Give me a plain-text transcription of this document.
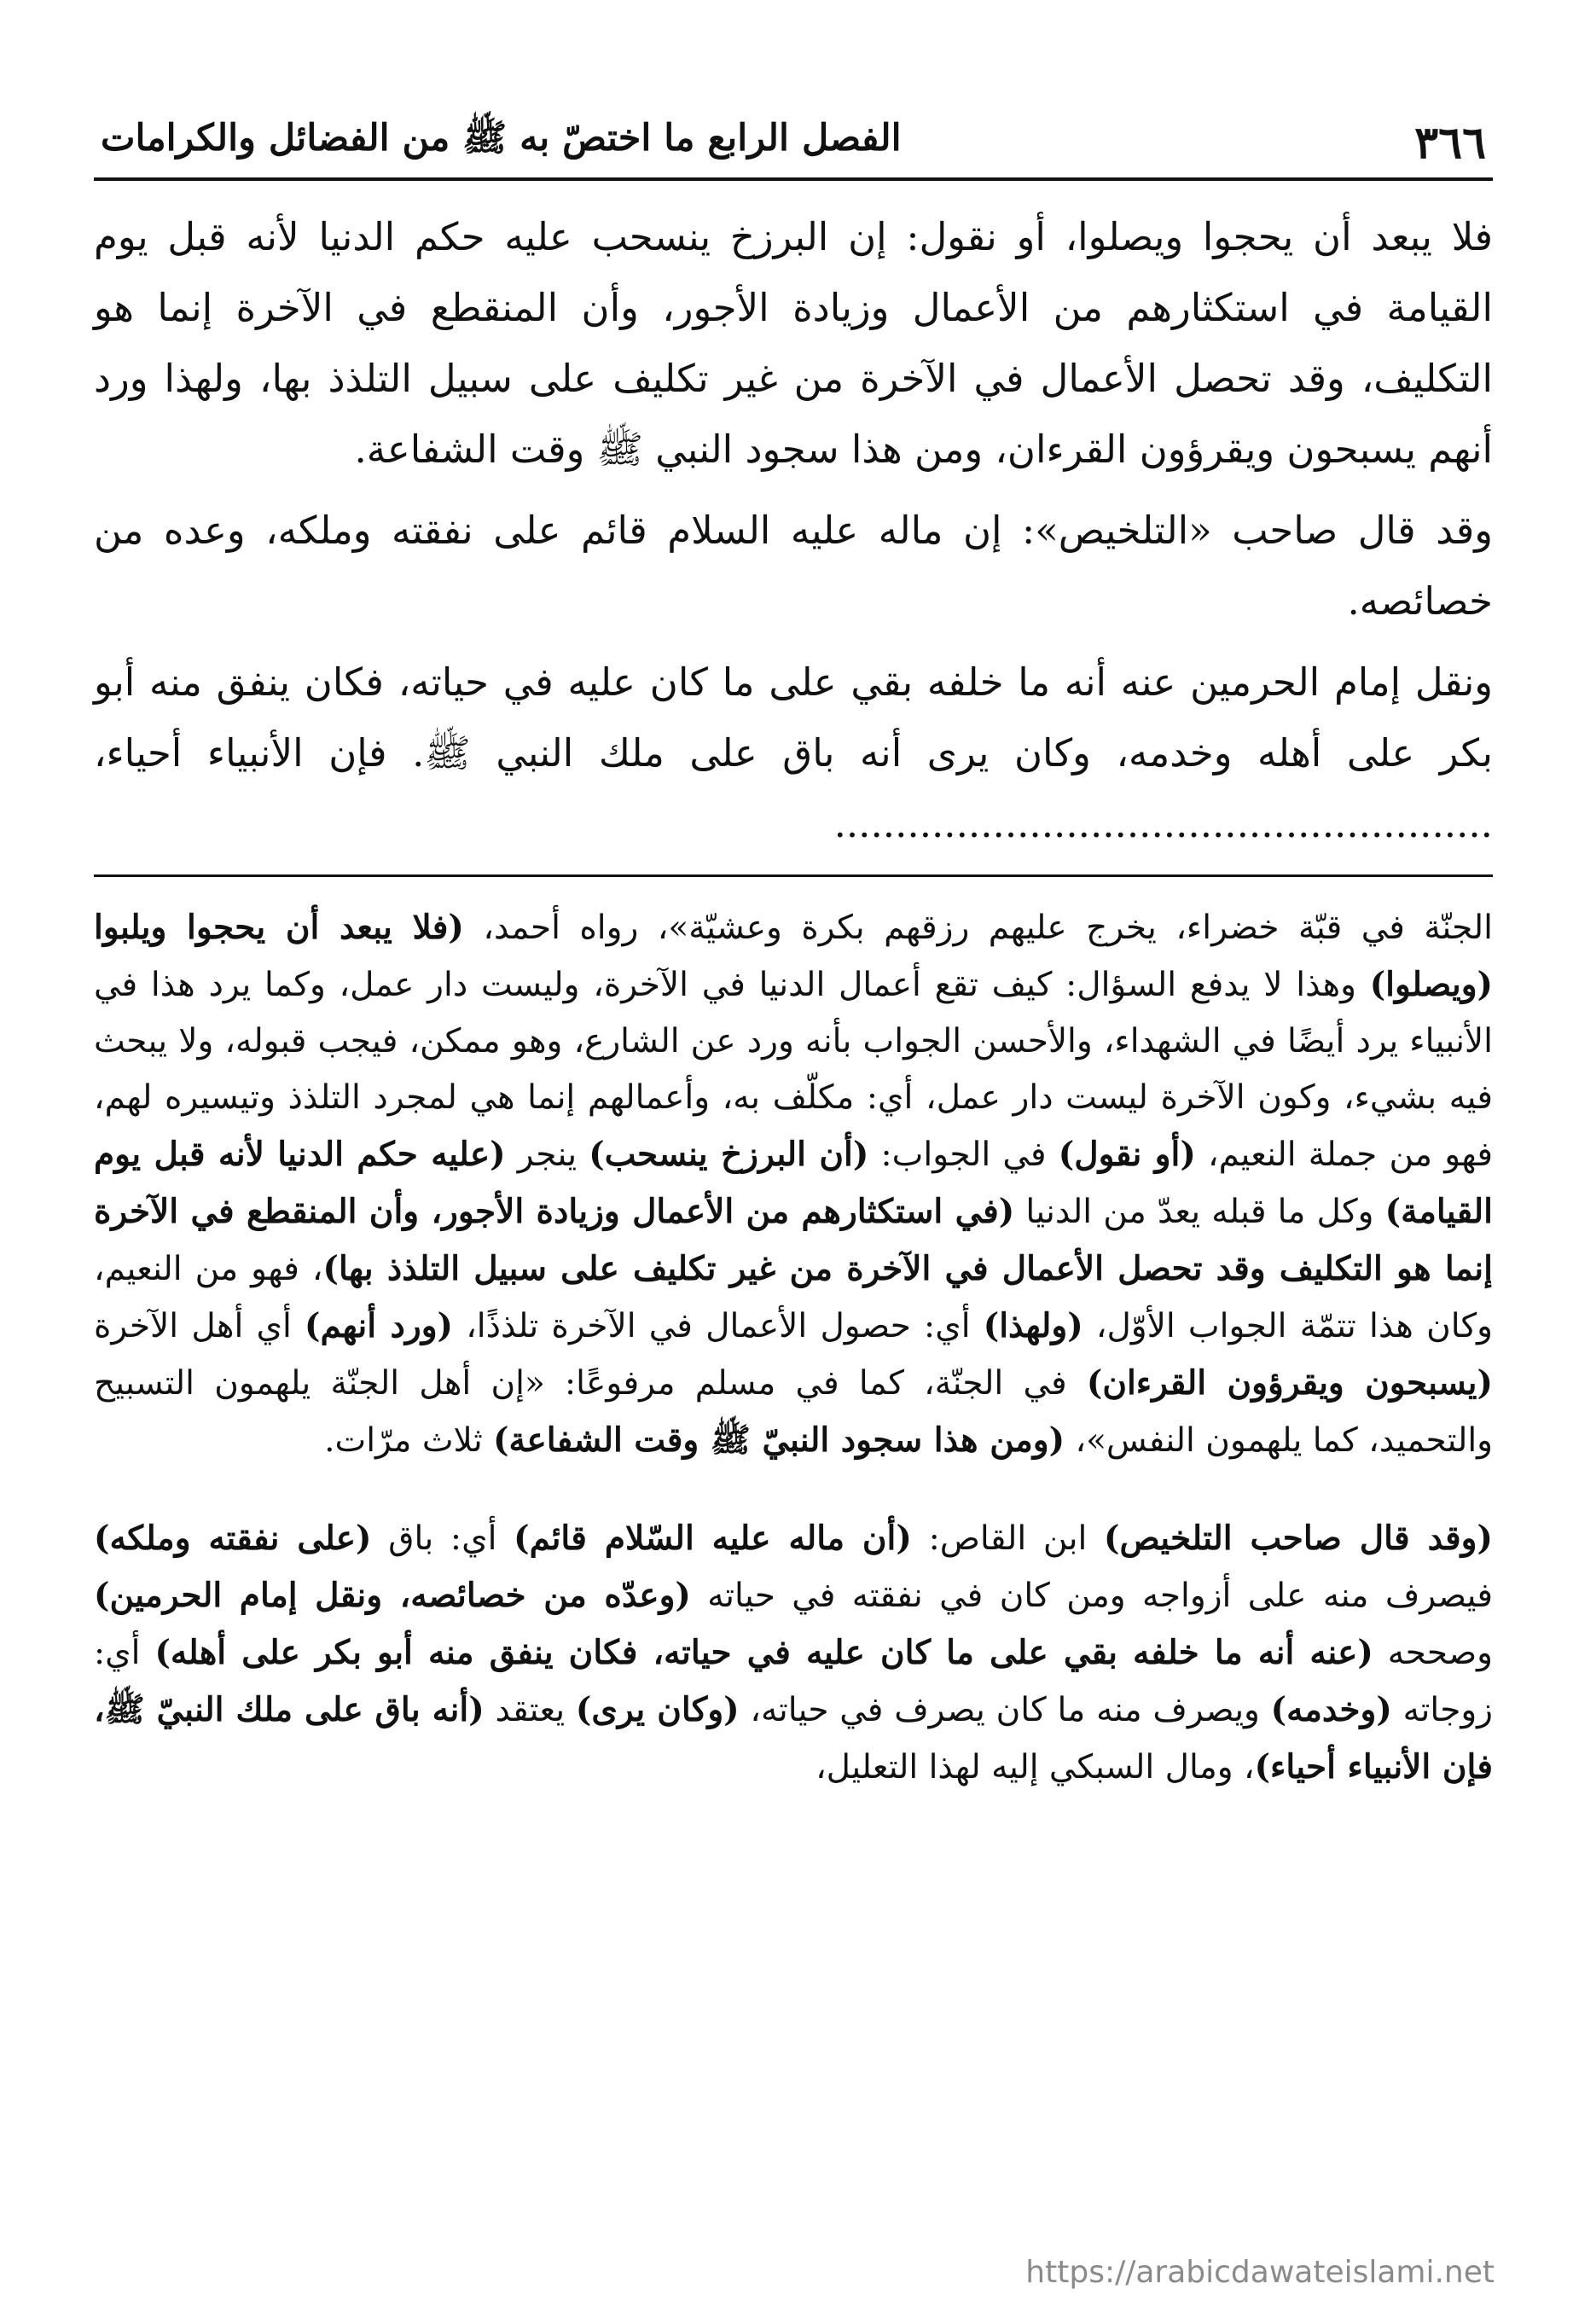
٣٦٦
الفصل الرابع ما اختصّ به ﷺ من الفضائل والكرامات

فلا يبعد أن يحجوا ويصلوا، أو نقول: إن البرزخ ينسحب عليه حكم الدنيا لأنه قبل يوم القيامة في استكثارهم من الأعمال وزيادة الأجور، وأن المنقطع في الآخرة إنما هو التكليف، وقد تحصل الأعمال في الآخرة من غير تكليف على سبيل التلذذ بها، ولهذا ورد أنهم يسبحون ويقرؤون القرءان، ومن هذا سجود النبي ﷺ وقت الشفاعة.

وقد قال صاحب «التلخيص»: إن ماله عليه السلام قائم على نفقته وملكه، وعده من خصائصه.

ونقل إمام الحرمين عنه أنه ما خلفه بقي على ما كان عليه في حياته، فكان ينفق منه أبو بكر على أهله وخدمه، وكان يرى أنه باق على ملك النبي ﷺ. فإن الأنبياء أحياء، ......................................................

الجنّة في قبّة خضراء، يخرج عليهم رزقهم بكرة وعشيّة»، رواه أحمد، (فلا يبعد أن يحجوا ويلبوا (ويصلوا) وهذا لا يدفع السؤال: كيف تقع أعمال الدنيا في الآخرة، وليست دار عمل، وكما يرد هذا في الأنبياء يرد أيضًا في الشهداء، والأحسن الجواب بأنه ورد عن الشارع، وهو ممكن، فيجب قبوله، ولا يبحث فيه بشيء، وكون الآخرة ليست دار عمل، أي: مكلّف به، وأعمالهم إنما هي لمجرد التلذذ وتيسيره لهم، فهو من جملة النعيم، (أو نقول) في الجواب: (أن البرزخ ينسحب) ينجر (عليه حكم الدنيا لأنه قبل يوم القيامة) وكل ما قبله يعدّ من الدنيا (في استكثارهم من الأعمال وزيادة الأجور، وأن المنقطع في الآخرة إنما هو التكليف وقد تحصل الأعمال في الآخرة من غير تكليف على سبيل التلذذ بها)، فهو من النعيم، وكان هذا تتمّة الجواب الأوّل، (ولهذا) أي: حصول الأعمال في الآخرة تلذذًا، (ورد أنهم) أي أهل الآخرة (يسبحون ويقرؤون القرءان) في الجنّة، كما في مسلم مرفوعًا: «إن أهل الجنّة يلهمون التسبيح والتحميد، كما يلهمون النفس»، (ومن هذا سجود النبيّ ﷺ وقت الشفاعة) ثلاث مرّات.

(وقد قال صاحب التلخيص) ابن القاص: (أن ماله عليه السّلام قائم) أي: باق (على نفقته وملكه) فيصرف منه على أزواجه ومن كان في نفقته في حياته (وعدّه من خصائصه، ونقل إمام الحرمين) وصححه (عنه أنه ما خلفه بقي على ما كان عليه في حياته، فكان ينفق منه أبو بكر على أهله) أي: زوجاته (وخدمه) ويصرف منه ما كان يصرف في حياته، (وكان يرى) يعتقد (أنه باق على ملك النبيّ ﷺ، فإن الأنبياء أحياء)، ومال السبكي إليه لهذا التعليل،

https://arabicdawateislami.net
